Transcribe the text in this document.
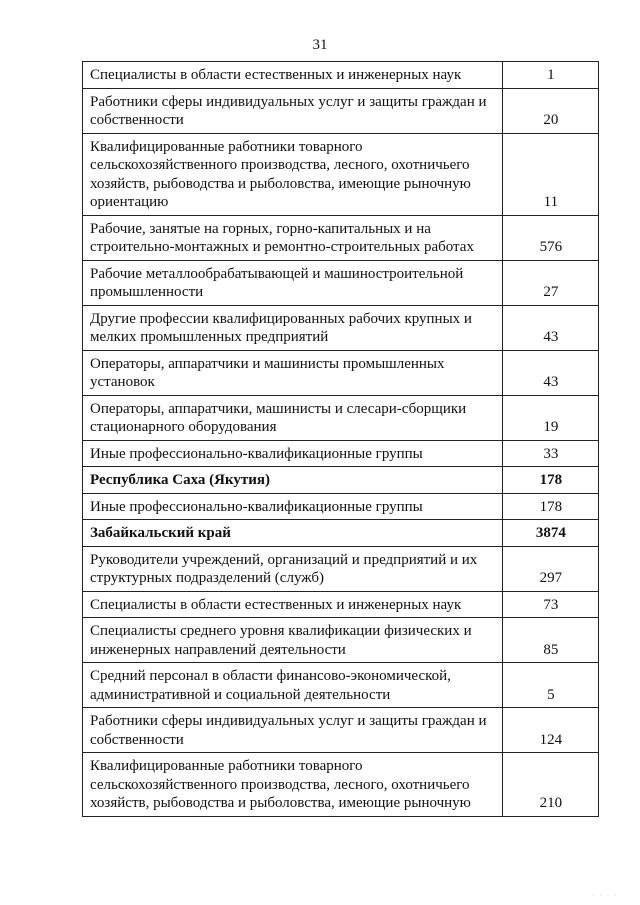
31
Специалисты в области естественных и инженерных наук	1

Работники сферы индивидуальных услуг и защиты граждан и собственности	20

Квалифицированные работники товарного сельскохозяйственного производства, лесного, охотничьего хозяйств, рыбоводства и рыболовства, имеющие рыночную ориентацию	11

Рабочие, занятые на горных, горно-капитальных и на строительно-монтажных и ремонтно-строительных работах	576

Рабочие металлообрабатывающей и машиностроительной промышленности	27

Другие профессии квалифицированных рабочих крупных и мелких промышленных предприятий	43

Операторы, аппаратчики и машинисты промышленных установок	43

Операторы, аппаратчики, машинисты и слесари-сборщики стационарного оборудования	19

Иные профессионально-квалификационные группы	33

Республика Саха (Якутия)	178

Иные профессионально-квалификационные группы	178

Забайкальский край	3874

Руководители учреждений, организаций и предприятий и их структурных подразделений (служб)	297

Специалисты в области естественных и инженерных наук	73

Специалисты среднего уровня квалификации физических и инженерных направлений деятельности	85

Средний персонал в области финансово-экономической, административной и социальной деятельности	5

Работники сферы индивидуальных услуг и защиты граждан и собственности	124

Квалифицированные работники товарного сельскохозяйственного производства, лесного, охотничьего хозяйств, рыбоводства и рыболовства, имеющие рыночную	210
· · · ·
